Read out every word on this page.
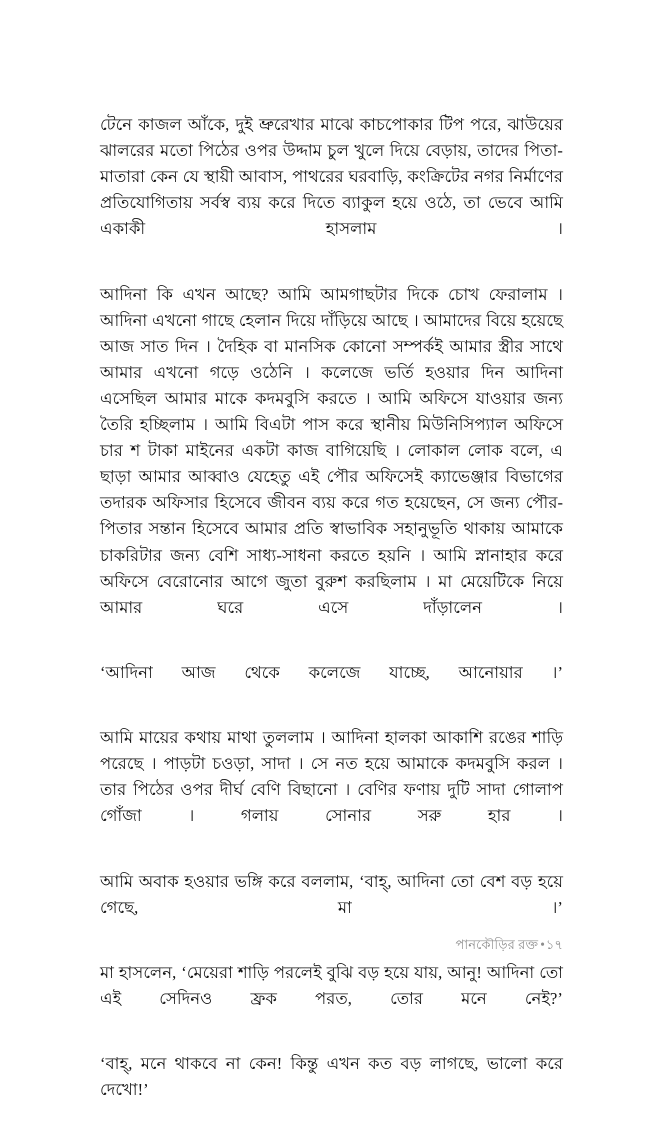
টেনে কাজল আঁকে, দুই ভ্রুরেখার মাঝে কাচপোকার টিপ পরে, ঝাউয়ের ঝালরের মতো পিঠের ওপর উদ্দাম চুল খুলে দিয়ে বেড়ায়, তাদের পিতা-মাতারা কেন যে স্থায়ী আবাস, পাথরের ঘরবাড়ি, কংক্রিটের নগর নির্মাণের প্রতিযোগিতায় সর্বস্ব ব্যয় করে দিতে ব্যাকুল হয়ে ওঠে, তা ভেবে আমি একাকী হাসলাম ।

আদিনা কি এখন আছে? আমি আমগাছটার দিকে চোখ ফেরালাম । আদিনা এখনো গাছে হেলান দিয়ে দাঁড়িয়ে আছে । আমাদের বিয়ে হয়েছে আজ সাত দিন । দৈহিক বা মানসিক কোনো সম্পর্কই আমার স্ত্রীর সাথে আমার এখনো গড়ে ওঠেনি । কলেজে ভর্তি হওয়ার দিন আদিনা এসেছিল আমার মাকে কদমবুসি করতে । আমি অফিসে যাওয়ার জন্য তৈরি হচ্ছিলাম । আমি বিএটা পাস করে স্থানীয় মিউনিসিপ্যাল অফিসে চার শ টাকা মাইনের একটা কাজ বাগিয়েছি । লোকাল লোক বলে, এ ছাড়া আমার আব্বাও যেহেতু এই পৌর অফিসেই ক্যাভেঞ্জার বিভাগের তদারক অফিসার হিসেবে জীবন ব্যয় করে গত হয়েছেন, সে জন্য পৌর-পিতার সন্তান হিসেবে আমার প্রতি স্বাভাবিক সহানুভূতি থাকায় আমাকে চাকরিটার জন্য বেশি সাধ্য-সাধনা করতে হয়নি । আমি স্নানাহার করে অফিসে বেরোনোর আগে জুতা বুরুশ করছিলাম । মা মেয়েটিকে নিয়ে আমার ঘরে এসে দাঁড়ালেন ।

‘আদিনা আজ থেকে কলেজে যাচ্ছে, আনোয়ার ।’

আমি মায়ের কথায় মাথা তুললাম । আদিনা হালকা আকাশি রঙের শাড়ি পরেছে । পাড়টা চওড়া, সাদা । সে নত হয়ে আমাকে কদমবুসি করল । তার পিঠের ওপর দীর্ঘ বেণি বিছানো । বেণির ফণায় দুটি সাদা গোলাপ গোঁজা । গলায় সোনার সরু হার ।

আমি অবাক হওয়ার ভঙ্গি করে বললাম, ‘বাহ্, আদিনা তো বেশ বড় হয়ে গেছে, মা ।’

মা হাসলেন, ‘মেয়েরা শাড়ি পরলেই বুঝি বড় হয়ে যায়, আনু! আদিনা তো এই সেদিনও ফ্রক পরত, তোর মনে নেই?’

‘বাহ্, মনে থাকবে না কেন! কিন্তু এখন কত বড় লাগছে, ভালো করে দেখো!’

পানকৌড়ির রক্ত •১৭
